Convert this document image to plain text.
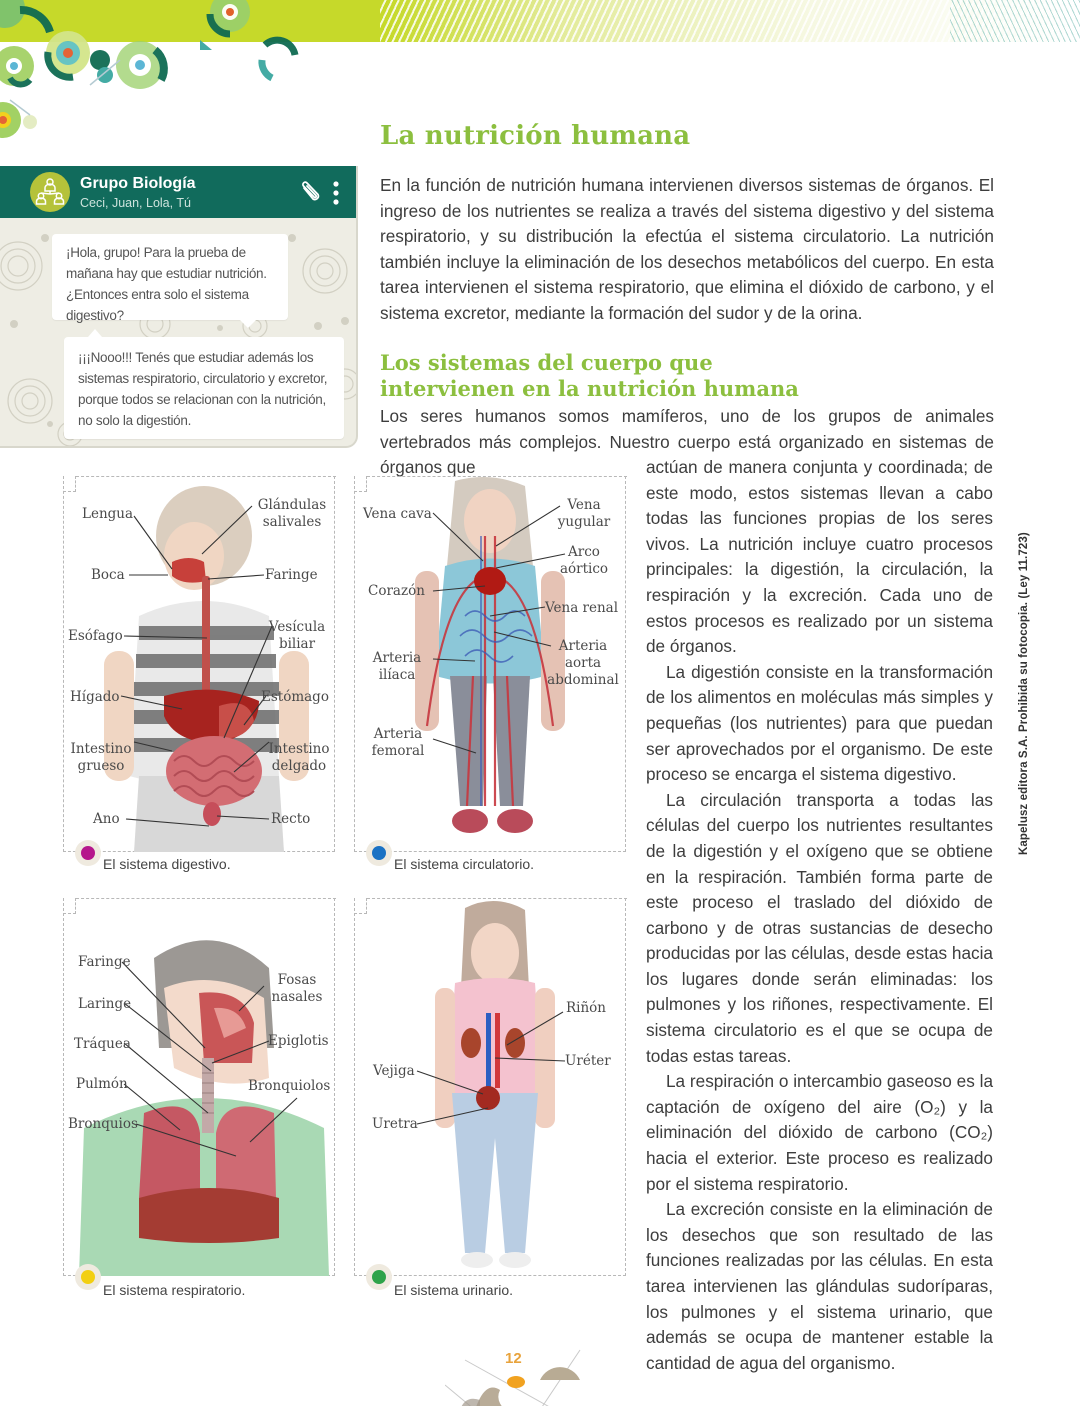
La nutrición humana

En la función de nutrición humana intervienen diversos sistemas de órganos. El ingreso de los nutrientes se realiza a través del sistema digestivo y del sistema respiratorio, y su distribución la efectúa el sistema circulatorio. La nutrición también incluye la eliminación de los desechos metabólicos del cuerpo. En esta tarea intervienen el sistema respiratorio, que elimina el dióxido de carbono, y el sistema excretor, mediante la formación del sudor y de la orina.

Los sistemas del cuerpo que intervienen en la nutrición humana

Los seres humanos somos mamíferos, uno de los grupos de animales vertebrados más complejos. Nuestro cuerpo está organizado en sistemas de órganos que	actúan de manera conjunta y coordinada; de este modo, estos sistemas llevan a cabo todas las funciones propias de los seres vivos. La nutrición incluye cuatro procesos principales: la digestión, la circulación, la respiración y la excreción. Cada uno de estos procesos es realizado por un sistema de órganos.

La digestión consiste en la transformación de los alimentos en moléculas más simples y pequeñas (los nutrientes) para que puedan ser aprovechados por el organismo. De este proceso se encarga el sistema digestivo.

La circulación transporta a todas las células del cuerpo los nutrientes resultantes de la digestión y el oxígeno que se obtiene en la respiración. También forma parte de este proceso el traslado del dióxido de carbono y de otras sustancias de desecho producidas por las células, desde estas hacia los lugares donde serán eliminadas: los pulmones y los riñones, respectivamente. El sistema circulatorio es el que se ocupa de todas estas tareas.

La respiración o intercambio gaseoso es la captación de oxígeno del aire (O₂) y la eliminación del dióxido de carbono (CO₂) hacia el exterior. Este proceso es realizado por el sistema respiratorio.

La excreción consiste en la eliminación de los desechos que son resultado de las funciones realizadas por las células. En esta tarea intervienen las glándulas sudoríparas, los pulmones y el sistema urinario, que además se ocupa de mantener estable la cantidad de agua del organismo.

Grupo Biología
Ceci, Juan, Lola, Tú
¡Hola, grupo! Para la prueba de mañana hay que estudiar nutrición. ¿Entonces entra solo el sistema digestivo?
¡¡¡Nooo!!! Tenés que estudiar además los sistemas respiratorio, circulatorio y excretor, porque todos se relacionan con la nutrición, no solo la digestión.
Lengua
Glándulas salivales
Boca	Faringe
Esófago
Vesícula biliar
Hígado	Estómago
Intestino grueso
Intestino delgado
Ano	Recto
El sistema digestivo.
Vena cava
Vena yugular
Arco aórtico
Corazón
Vena renal
Arteria ilíaca
Arteria aorta abdominal
Arteria femoral
El sistema circulatorio.
Faringe
Fosas nasales
Laringe
Epiglotis
Tráquea
Pulmón	Bronquiolos
Bronquios
El sistema respiratorio.
Riñón
Uréter
Vejiga
Uretra
El sistema urinario.
Kapelusz editora S.A. Prohibida su fotocopia. (Ley 11.723)
12
